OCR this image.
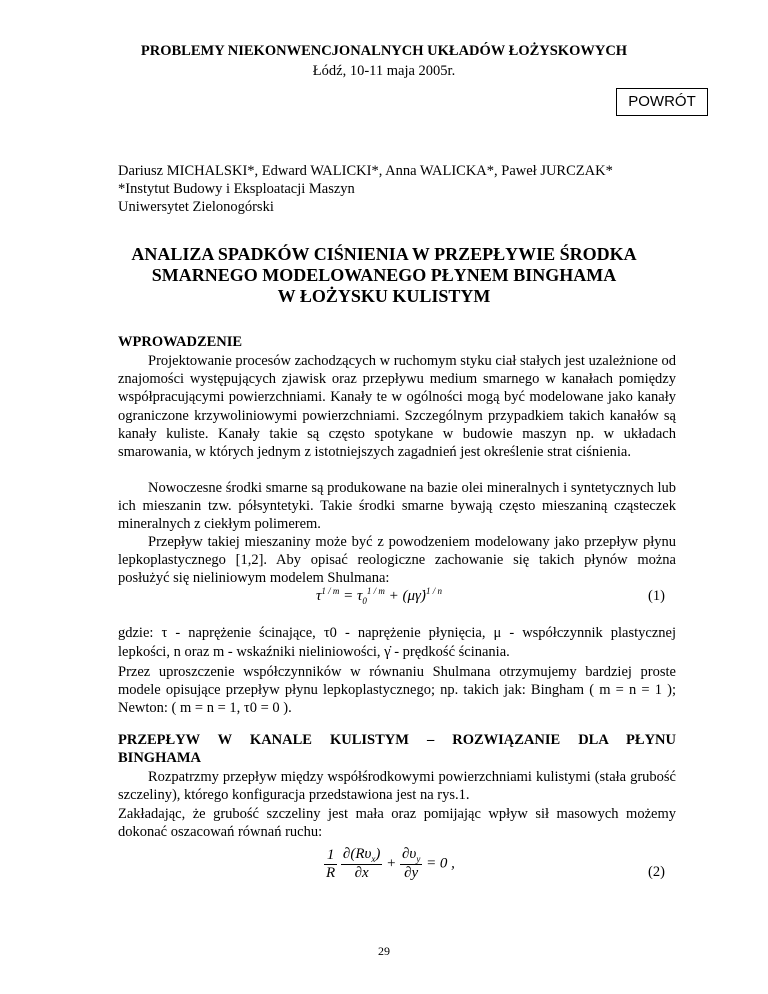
PROBLEMY NIEKONWENCJONALNYCH UKŁADÓW ŁOŻYSKOWYCH
Łódź, 10-11 maja 2005r.
POWRÓT
Dariusz MICHALSKI*, Edward WALICKI*, Anna WALICKA*, Paweł JURCZAK*
*Instytut Budowy i Eksploatacji Maszyn
Uniwersytet Zielonogórski
ANALIZA SPADKÓW CIŚNIENIA W PRZEPŁYWIE ŚRODKA
SMARNEGO MODELOWANEGO PŁYNEM BINGHAMA
W ŁOŻYSKU KULISTYM
WPROWADZENIE
Projektowanie procesów zachodzących w ruchomym styku ciał stałych jest uzależnione od znajomości występujących zjawisk oraz przepływu medium smarnego w kanałach pomiędzy współpracującymi powierzchniami. Kanały te w ogólności mogą być modelowane jako kanały ograniczone krzywoliniowymi powierzchniami. Szczególnym przypadkiem takich kanałów są kanały kuliste. Kanały takie są często spotykane w budowie maszyn np. w układach smarowania, w których jednym z istotniejszych zagadnień jest określenie strat ciśnienia.
Nowoczesne środki smarne są produkowane na bazie olei mineralnych i syntetycznych lub ich mieszanin tzw. półsyntetyki. Takie środki smarne bywają często mieszaniną cząsteczek mineralnych z ciekłym polimerem.
Przepływ takiej mieszaniny może być z powodzeniem modelowany jako przepływ płynu lepkoplastycznego [1,2]. Aby opisać reologiczne zachowanie się takich płynów można posłużyć się nieliniowym modelem Shulmana:
$\tau^{1 / m} = \tau_0^{1 / m}$ + (μγ̇)$^{1 / n}$	(1)
gdzie: τ - naprężenie ścinające, τ0 - naprężenie płynięcia, μ - współczynnik plastycznej lepkości, n oraz m - wskaźniki nieliniowości, γ̇ - prędkość ścinania.
Przez uproszczenie współczynników w równaniu Shulmana otrzymujemy bardziej proste modele opisujące przepływ płynu lepkoplastycznego; np. takich jak: Bingham ( m = n = 1 ); Newton: ( m = n = 1, τ0 = 0 ).
PRZEPŁYW W KANALE KULISTYM – ROZWIĄZANIE DLA PŁYNU
BINGHAMA
Rozpatrzmy przepływ między współśrodkowymi powierzchniami kulistymi (stała grubość szczeliny), którego konfiguracja przedstawiona jest na rys.1.
Zakładając, że grubość szczeliny jest mała oraz pomijając wpływ sił masowych możemy dokonać oszacowań równań ruchu:
$\frac{1}{R}$
$\frac{\partial(R\upsilon_x)}{\partial x} + \frac{\partial\upsilon_y}{\partial y} = 0$ ,
(2)
29
